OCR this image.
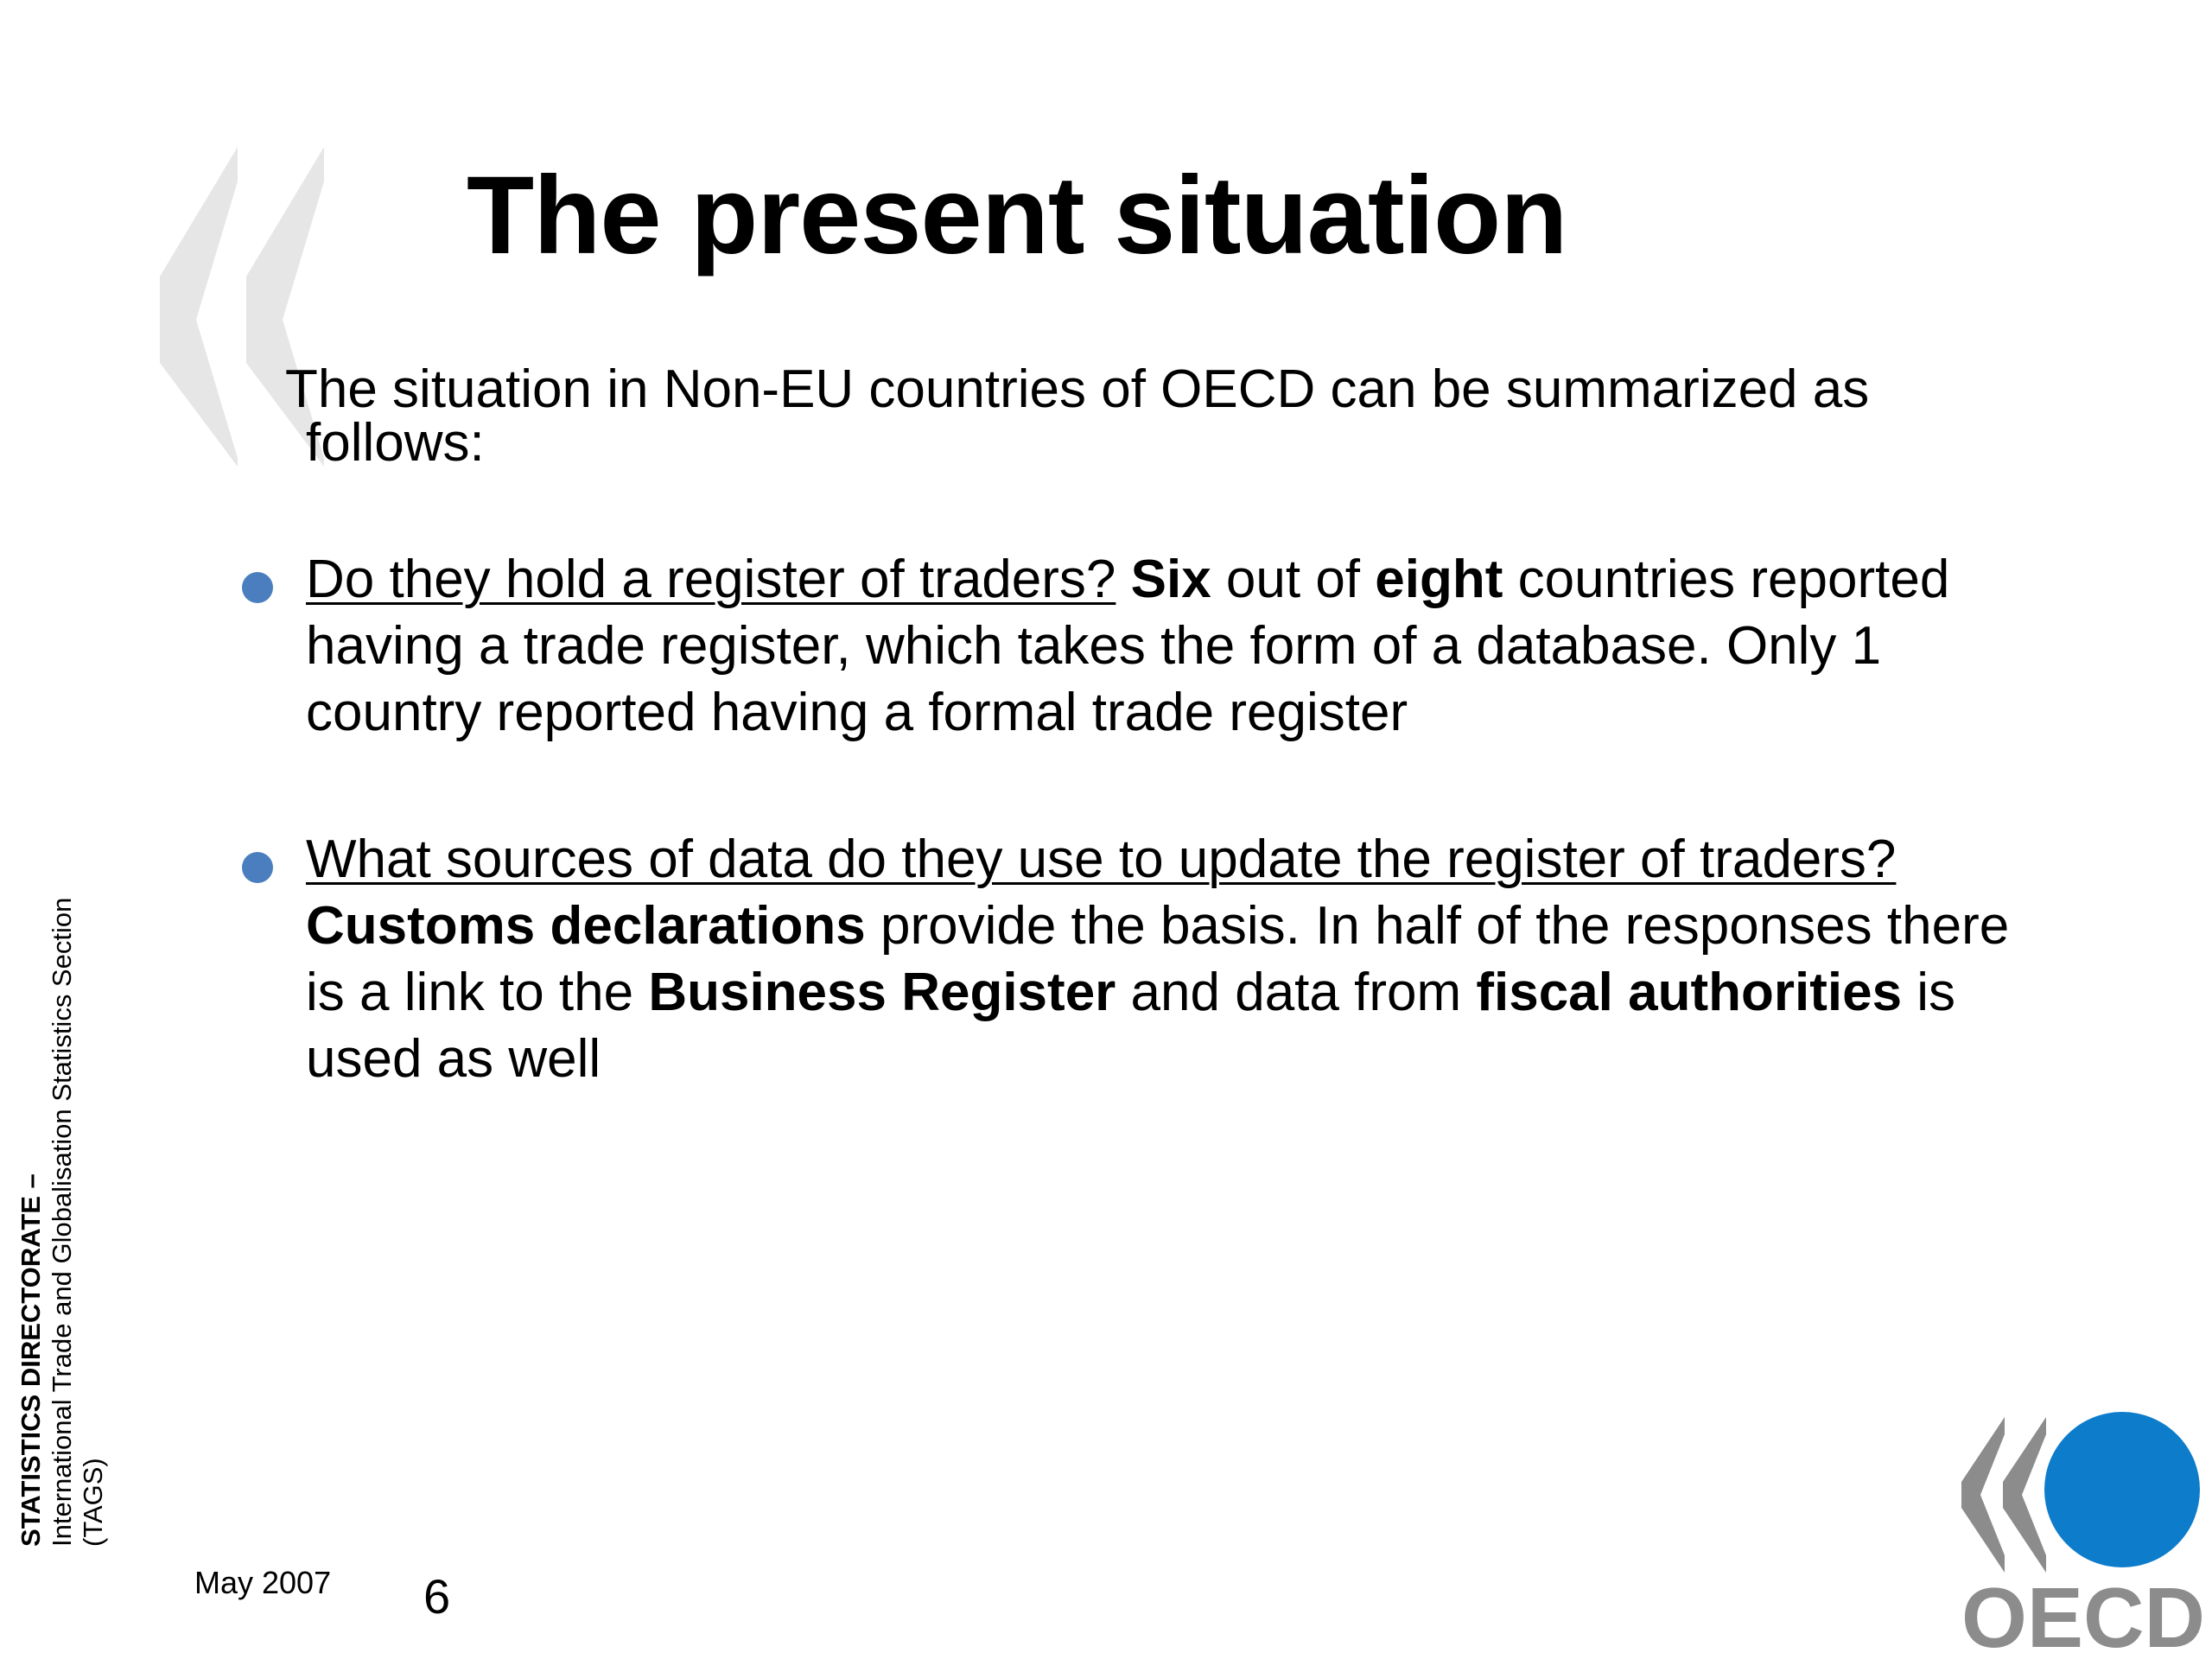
The present situation
The situation in Non-EU countries of OECD can be summarized as
follows:
Do they hold a register of traders? Six out of eight countries reported having a trade register, which takes the form of a database. Only 1 country reported having a formal trade register
What sources of data do they use to update the register of traders? Customs declarations provide the basis. In half of the responses there is a link to the Business Register and data from fiscal authorities is used as well
STATISTICS DIRECTORATE – International Trade and Globalisation Statistics Section (TAGS)
May 2007 6	OECD
